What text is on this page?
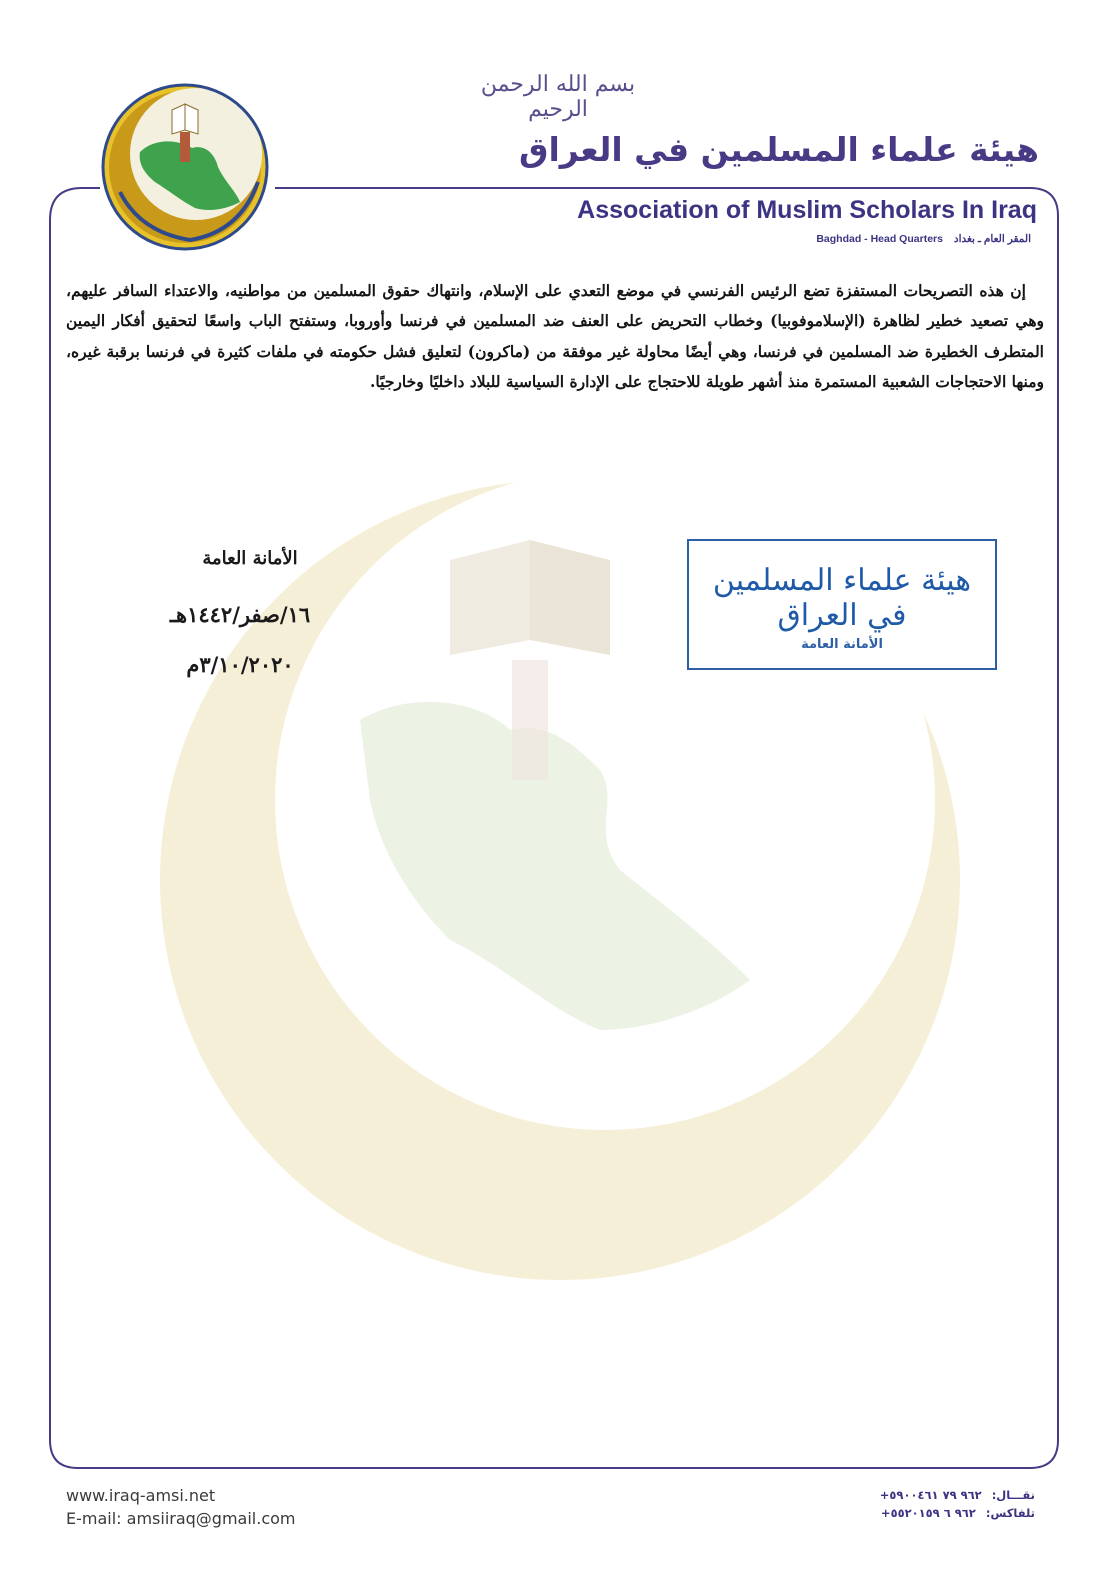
بسم الله الرحمن الرحيم
هيئة علماء المسلمين في العراق
Association of Muslim Scholars In Iraq
Baghdad - Head Quarters المقر العام ـ بغداد

إن هذه التصريحات المستفزة تضع الرئيس الفرنسي في موضع التعدي على الإسلام، وانتهاك حقوق المسلمين من مواطنيه، والاعتداء السافر عليهم، وهي تصعيد خطير لظاهرة (الإسلاموفوبيا) وخطاب التحريض على العنف ضد المسلمين في فرنسا وأوروبا، وستفتح الباب واسعًا لتحقيق أفكار اليمين المتطرف الخطيرة ضد المسلمين في فرنسا، وهي أيضًا محاولة غير موفقة من (ماكرون) لتعليق فشل حكومته في ملفات كثيرة في فرنسا برقبة غيره، ومنها الاحتجاجات الشعبية المستمرة منذ أشهر طويلة للاحتجاج على الإدارة السياسية للبلاد داخليًا وخارجيًا.

الأمانة العامة
١٦/صفر/١٤٤٢هـ
٣/١٠/٢٠٢٠م
هيئة علماء المسلمين في العراق
الأمانة العامة
www.iraq-amsi.net
E-mail: amsiiraq@gmail.com
نقـــال: +٩٦٢ ٧٩ ٥٩٠٠٤٦١
تلفاكس: +٩٦٢ ٦ ٥٥٢٠١٥٩
